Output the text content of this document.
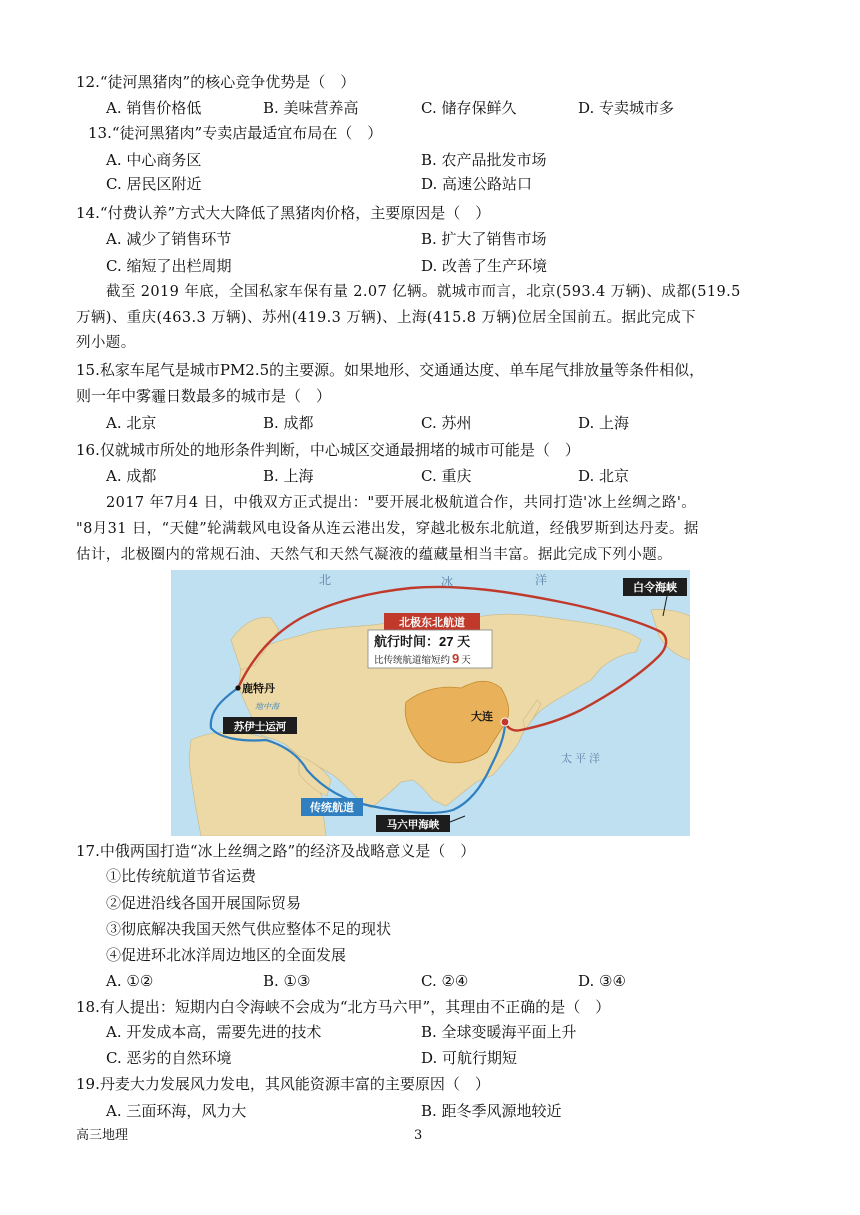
12.“徒河黑猪肉”的核心竞争优势是（　）
A. 销售价格低	B. 美味营养高	C. 储存保鲜久	D. 专卖城市多
13.“徒河黑猪肉”专卖店最适宜布局在（　）
A. 中心商务区	B. 农产品批发市场
C. 居民区附近	D. 高速公路站口
14.“付费认养”方式大大降低了黑猪肉价格，主要原因是（　）
A. 减少了销售环节	B. 扩大了销售市场
C. 缩短了出栏周期	D. 改善了生产环境
截至 2019 年底，全国私家车保有量 2.07 亿辆。就城市而言，北京(593.4 万辆)、成都(519.5
万辆)、重庆(463.3 万辆)、苏州(419.3 万辆)、上海(415.8 万辆)位居全国前五。据此完成下
列小题。
15.私家车尾气是城市PM2.5的主要源。如果地形、交通通达度、单车尾气排放量等条件相似，
则一年中雾霾日数最多的城市是（　）
A. 北京	B. 成都	C. 苏州	D. 上海
16.仅就城市所处的地形条件判断，中心城区交通最拥堵的城市可能是（　）
A. 成都	B. 上海	C. 重庆	D. 北京
2017 年7月4 日，中俄双方正式提出："要开展北极航道合作，共同打造'冰上丝绸之路'。
"8月31 日，“天健”轮满载风电设备从连云港出发，穿越北极东北航道，经俄罗斯到达丹麦。据
估计，北极圈内的常规石油、天然气和天然气凝液的蕴藏量相当丰富。据此完成下列小题。
北	冰	洋
太平洋
地中海
北极东北航道
航行时间：27 天
比传统航道缩短约 9 天
白令海峡
鹿特丹
苏伊士运河
大连
传统航道
马六甲海峡
17.中俄两国打造“冰上丝绸之路”的经济及战略意义是（　）
①比传统航道节省运费
②促进沿线各国开展国际贸易
③彻底解决我国天然气供应整体不足的现状
④促进环北冰洋周边地区的全面发展
A. ①②	B. ①③	C. ②④	D. ③④
18.有人提出：短期内白令海峡不会成为“北方马六甲”，其理由不正确的是（　）
A. 开发成本高，需要先进的技术	B. 全球变暖海平面上升
C. 恶劣的自然环境	D. 可航行期短
19.丹麦大力发展风力发电，其风能资源丰富的主要原因（　）
A. 三面环海，风力大	B. 距冬季风源地较近
高三地理	3
